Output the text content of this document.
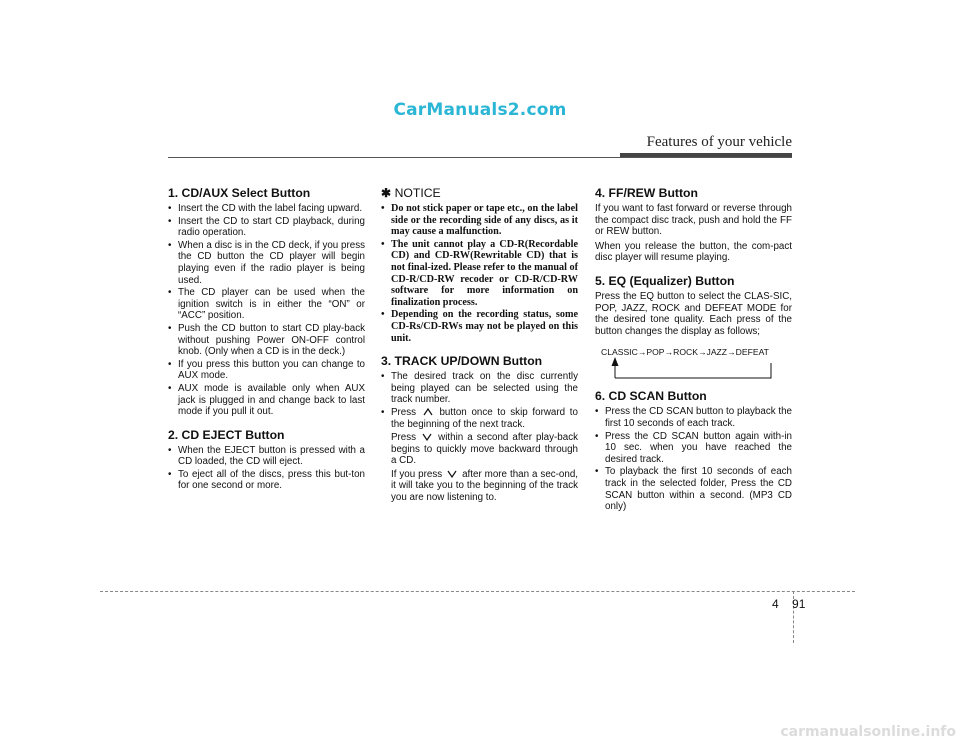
CarManuals2.com
Features of your vehicle
1. CD/AUX Select Button
• Insert the CD with the label facing upward.
• Insert the CD to start CD playback, during radio operation.
• When a disc is in the CD deck, if you press the CD button the CD player will begin playing even if the radio player is being used.
• The CD player can be used when the ignition switch is in either the “ON” or “ACC” position.
• Push the CD button to start CD play-back without pushing Power ON-OFF control knob. (Only when a CD is in the deck.)
• If you press this button you can change to AUX mode.
• AUX mode is available only when AUX jack is plugged in and change back to last mode if you pull it out.
2. CD EJECT Button
• When the EJECT button is pressed with a CD loaded, the CD will eject.
• To eject all of the discs, press this but-ton for one second or more.
✱ NOTICE
• Do not stick paper or tape etc., on the label side or the recording side of any discs, as it may cause a malfunction.
• The unit cannot play a CD-R(Recordable CD) and CD-RW(Rewritable CD) that is not final-ized. Please refer to the manual of CD-R/CD-RW recoder or CD-R/CD-RW software for more information on finalization process.
• Depending on the recording status, some CD-Rs/CD-RWs may not be played on this unit.
3. TRACK UP/DOWN Button
• The desired track on the disc currently being played can be selected using the track number.
• Press button once to skip forward to the beginning of the next track.
Press within a second after play-back begins to quickly move backward through a CD.
If you press after more than a sec-ond, it will take you to the beginning of the track you are now listening to.
4. FF/REW Button

If you want to fast forward or reverse through the compact disc track, push and hold the FF or REW button.

When you release the button, the com-pact disc player will resume playing.

5. EQ (Equalizer) Button

Press the EQ button to select the CLAS-SIC, POP, JAZZ, ROCK and DEFEAT MODE for the desired tone quality. Each press of the button changes the display as follows;

CLASSIC→POP→ROCK→JAZZ→DEFEAT
6. CD SCAN Button
• Press the CD SCAN button to playback the first 10 seconds of each track.
• Press the CD SCAN button again with-in 10 sec. when you have reached the desired track.
• To playback the first 10 seconds of each track in the selected folder, Press the CD SCAN button within a second. (MP3 CD only)
4 91
carmanualsonline.info
